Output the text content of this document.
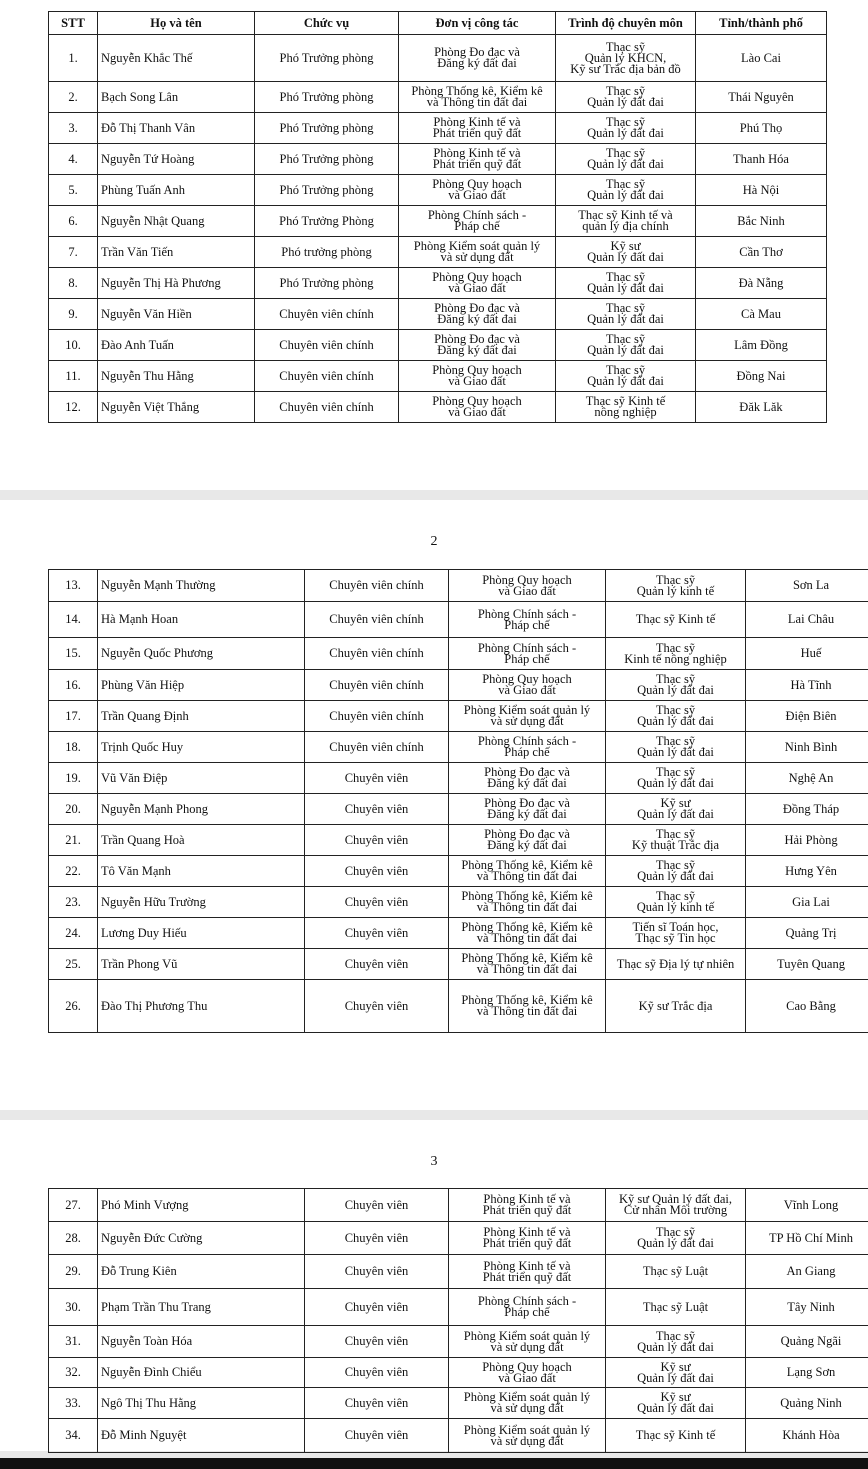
STT	Họ và tên	Chức vụ	Đơn vị công tác	Trình độ chuyên môn	Tỉnh/thành phố
1.	Nguyễn Khắc Thế	Phó Trưởng phòng	Phòng Đo đạc và
Đăng ký đất đai	Thạc sỹ
Quản lý KHCN,
Kỹ sư Trắc địa bản đồ	Lào Cai
2.	Bạch Song Lân	Phó Trưởng phòng	Phòng Thống kê, Kiểm kê
và Thông tin đất đai	Thạc sỹ
Quản lý đất đai	Thái Nguyên
3.	Đỗ Thị Thanh Vân	Phó Trưởng phòng	Phòng Kinh tế và
Phát triển quỹ đất	Thạc sỹ
Quản lý đất đai	Phú Thọ
4.	Nguyễn Tứ Hoàng	Phó Trưởng phòng	Phòng Kinh tế và
Phát triển quỹ đất	Thạc sỹ
Quản lý đất đai	Thanh Hóa
5.	Phùng Tuấn Anh	Phó Trưởng phòng	Phòng Quy hoạch
và Giao đất	Thạc sỹ
Quản lý đất đai	Hà Nội
6.	Nguyễn Nhật Quang	Phó Trưởng Phòng	Phòng Chính sách -
Pháp chế	Thạc sỹ Kinh tế và
quản lý địa chính	Bắc Ninh
7.	Trần Văn Tiến	Phó trưởng phòng	Phòng Kiểm soát quản lý
và sử dụng đất	Kỹ sư
Quản lý đất đai	Cần Thơ
8.	Nguyễn Thị Hà Phương	Phó Trưởng phòng	Phòng Quy hoạch
và Giao đất	Thạc sỹ
Quản lý đất đai	Đà Nẵng
9.	Nguyễn Văn Hiền	Chuyên viên chính	Phòng Đo đạc và
Đăng ký đất đai	Thạc sỹ
Quản lý đất đai	Cà Mau
10.	Đào Anh Tuấn	Chuyên viên chính	Phòng Đo đạc và
Đăng ký đất đai	Thạc sỹ
Quản lý đất đai	Lâm Đồng
11.	Nguyễn Thu Hằng	Chuyên viên chính	Phòng Quy hoạch
và Giao đất	Thạc sỹ
Quản lý đất đai	Đồng Nai
12.	Nguyễn Việt Thắng	Chuyên viên chính	Phòng Quy hoạch
và Giao đất	Thạc sỹ Kinh tế
nông nghiệp	Đăk Lăk
2
13.	Nguyễn Mạnh Thường	Chuyên viên chính	Phòng Quy hoạch
và Giao đất	Thạc sỹ
Quản lý kinh tế	Sơn La
14.	Hà Mạnh Hoan	Chuyên viên chính	Phòng Chính sách -
Pháp chế	Thạc sỹ Kinh tế	Lai Châu
15.	Nguyễn Quốc Phương	Chuyên viên chính	Phòng Chính sách -
Pháp chế	Thạc sỹ
Kinh tế nông nghiệp	Huế
16.	Phùng Văn Hiệp	Chuyên viên chính	Phòng Quy hoạch
và Giao đất	Thạc sỹ
Quản lý đất đai	Hà Tĩnh
17.	Trần Quang Định	Chuyên viên chính	Phòng Kiểm soát quản lý
và sử dụng đất	Thạc sỹ
Quản lý đất đai	Điện Biên
18.	Trịnh Quốc Huy	Chuyên viên chính	Phòng Chính sách -
Pháp chế	Thạc sỹ
Quản lý đất đai	Ninh Bình
19.	Vũ Văn Điệp	Chuyên viên	Phòng Đo đạc và
Đăng ký đất đai	Thạc sỹ
Quản lý đất đai	Nghệ An
20.	Nguyễn Mạnh Phong	Chuyên viên	Phòng Đo đạc và
Đăng ký đất đai	Kỹ sư
Quản lý đất đai	Đồng Tháp
21.	Trần Quang Hoà	Chuyên viên	Phòng Đo đạc và
Đăng ký đất đai	Thạc sỹ
Kỹ thuật Trắc địa	Hải Phòng
22.	Tô Văn Mạnh	Chuyên viên	Phòng Thống kê, Kiểm kê
và Thông tin đất đai	Thạc sỹ
Quản lý đất đai	Hưng Yên
23.	Nguyễn Hữu Trường	Chuyên viên	Phòng Thống kê, Kiểm kê
và Thông tin đất đai	Thạc sỹ
Quản lý kinh tế	Gia Lai
24.	Lương Duy Hiếu	Chuyên viên	Phòng Thống kê, Kiểm kê
và Thông tin đất đai	Tiến sĩ Toán học,
Thạc sỹ Tin học	Quảng Trị
25.	Trần Phong Vũ	Chuyên viên	Phòng Thống kê, Kiểm kê
và Thông tin đất đai	Thạc sỹ Địa lý tự nhiên	Tuyên Quang
26.	Đào Thị Phương Thu	Chuyên viên	Phòng Thống kê, Kiểm kê
và Thông tin đất đai	Kỹ sư Trắc địa	Cao Bằng
3
27.	Phó Minh Vượng	Chuyên viên	Phòng Kinh tế và
Phát triển quỹ đất	Kỹ sư Quản lý đất đai,
Cử nhân Môi trường	Vĩnh Long
28.	Nguyễn Đức Cường	Chuyên viên	Phòng Kinh tế và
Phát triển quỹ đất	Thạc sỹ
Quản lý đất đai	TP Hồ Chí Minh
29.	Đỗ Trung Kiên	Chuyên viên	Phòng Kinh tế và
Phát triển quỹ đất	Thạc sỹ Luật	An Giang
30.	Phạm Trần Thu Trang	Chuyên viên	Phòng Chính sách -
Pháp chế	Thạc sỹ Luật	Tây Ninh
31.	Nguyễn Toàn Hóa	Chuyên viên	Phòng Kiểm soát quản lý
và sử dụng đất	Thạc sỹ
Quản lý đất đai	Quảng Ngãi
32.	Nguyễn Đình Chiểu	Chuyên viên	Phòng Quy hoạch
và Giao đất	Kỹ sư
Quản lý đất đai	Lạng Sơn
33.	Ngô Thị Thu Hằng	Chuyên viên	Phòng Kiểm soát quản lý
và sử dụng đất	Kỹ sư
Quản lý đất đai	Quảng Ninh
34.	Đỗ Minh Nguyệt	Chuyên viên	Phòng Kiểm soát quản lý
và sử dụng đất	Thạc sỹ Kinh tế	Khánh Hòa
